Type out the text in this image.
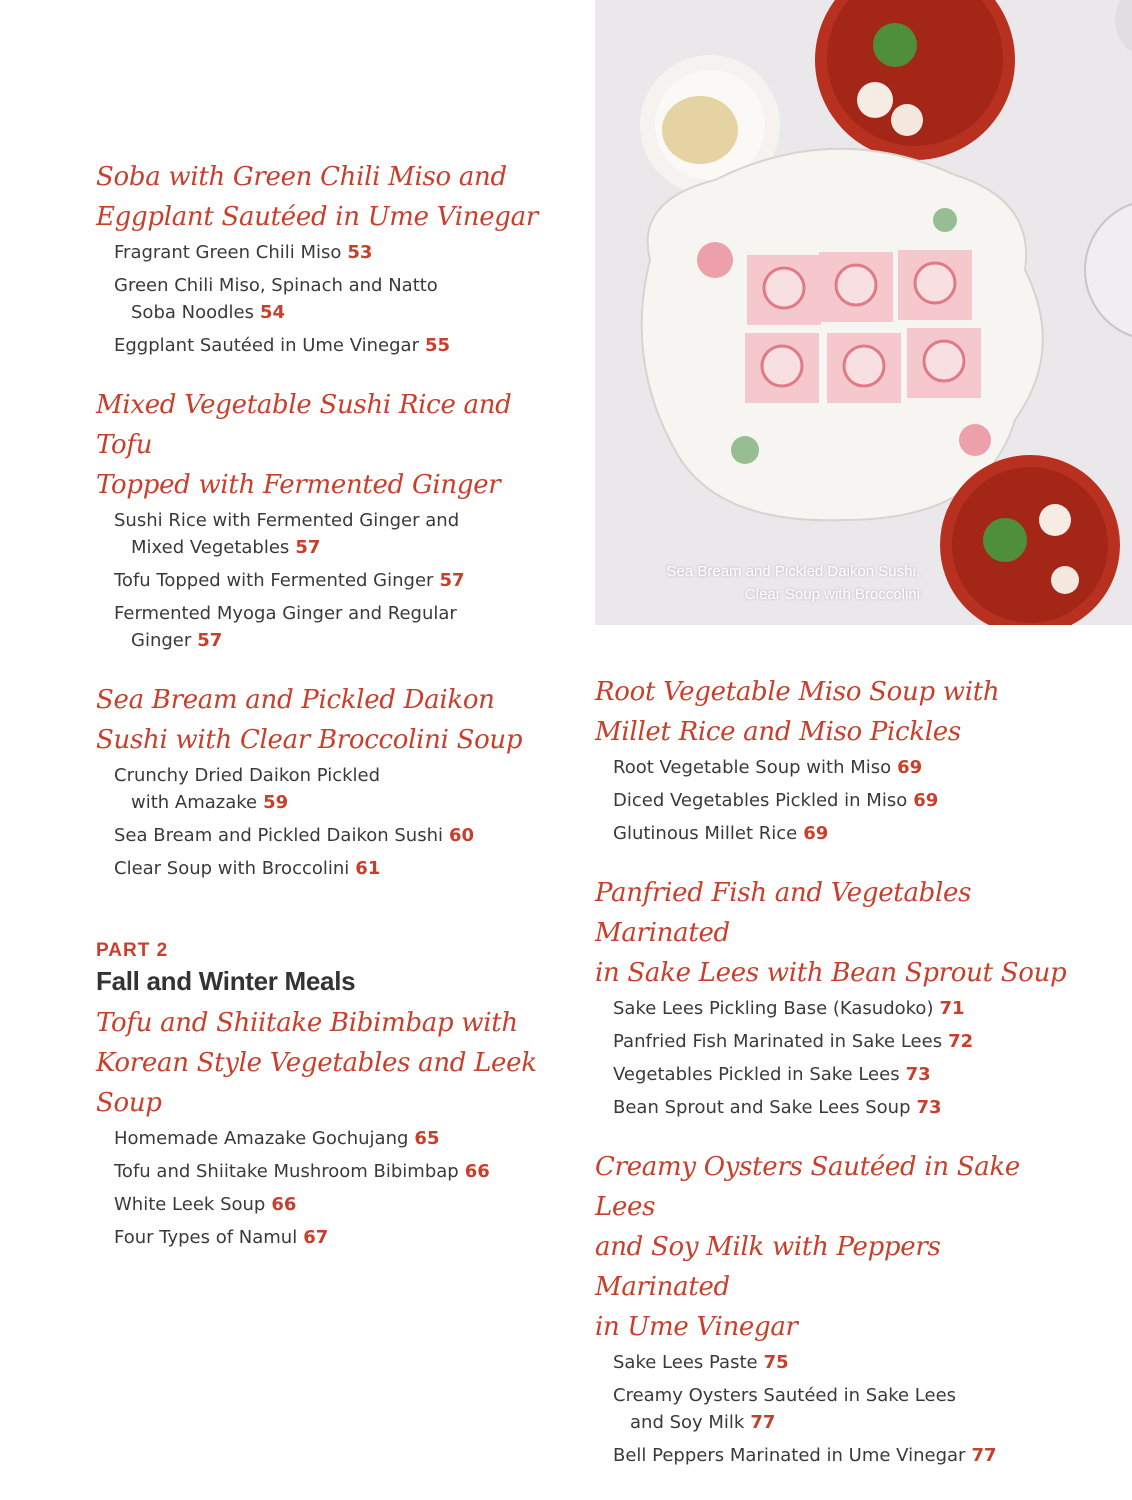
Sea Bream and Pickled Daikon Sushi,
Clear Soup with Broccolini
Soba with Green Chili Miso and
Eggplant Sautéed in Ume Vinegar
Fragrant Green Chili Miso 53
Green Chili Miso, Spinach and Natto
Soba Noodles 54
Eggplant Sautéed in Ume Vinegar 55
Mixed Vegetable Sushi Rice and Tofu
Topped with Fermented Ginger
Sushi Rice with Fermented Ginger and
Mixed Vegetables 57
Tofu Topped with Fermented Ginger 57
Fermented Myoga Ginger and Regular
Ginger 57
Sea Bream and Pickled Daikon
Sushi with Clear Broccolini Soup
Crunchy Dried Daikon Pickled
with Amazake 59
Sea Bream and Pickled Daikon Sushi 60
Clear Soup with Broccolini 61
PART 2
Fall and Winter Meals
Tofu and Shiitake Bibimbap with
Korean Style Vegetables and Leek Soup
Homemade Amazake Gochujang 65
Tofu and Shiitake Mushroom Bibimbap 66
White Leek Soup 66
Four Types of Namul 67
Root Vegetable Miso Soup with
Millet Rice and Miso Pickles
Root Vegetable Soup with Miso 69
Diced Vegetables Pickled in Miso 69
Glutinous Millet Rice 69
Panfried Fish and Vegetables Marinated
in Sake Lees with Bean Sprout Soup
Sake Lees Pickling Base (Kasudoko) 71
Panfried Fish Marinated in Sake Lees 72
Vegetables Pickled in Sake Lees 73
Bean Sprout and Sake Lees Soup 73
Creamy Oysters Sautéed in Sake Lees
and Soy Milk with Peppers Marinated
in Ume Vinegar
Sake Lees Paste 75
Creamy Oysters Sautéed in Sake Lees
and Soy Milk 77
Bell Peppers Marinated in Ume Vinegar 77
